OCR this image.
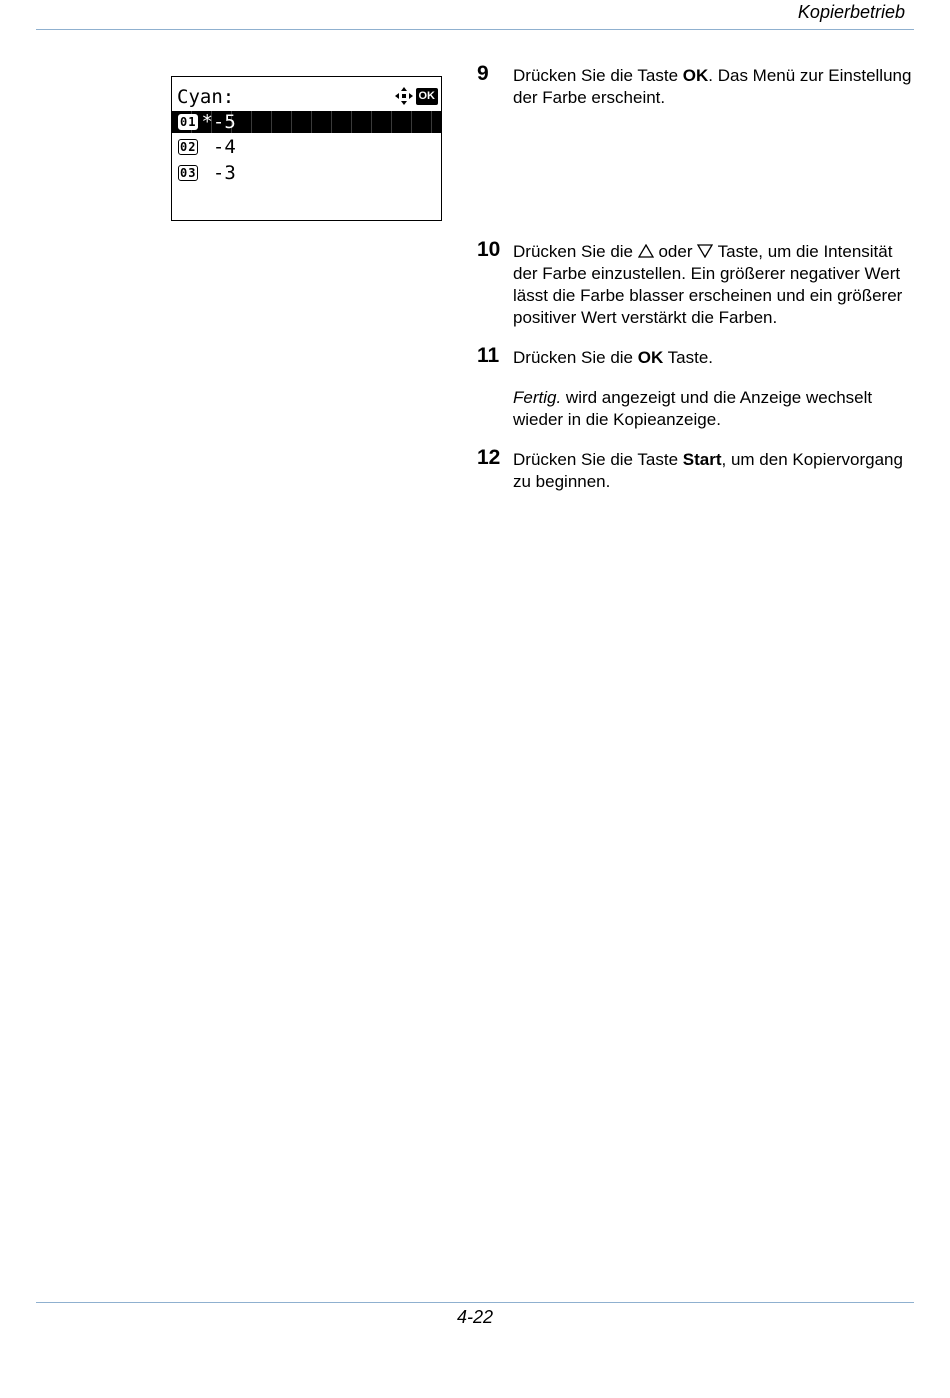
Kopierbetrieb
Cyan:	OK
01 *-5
02 -4
03 -3
9 Drücken Sie die Taste OK. Das Menü zur Einstellung der Farbe erscheint.

10 Drücken Sie die  oder  Taste, um die Intensität der Farbe einzustellen. Ein größerer negativer Wert lässt die Farbe blasser erscheinen und ein größerer positiver Wert verstärkt die Farben.

11 Drücken Sie die OK Taste.

Fertig. wird angezeigt und die Anzeige wechselt wieder in die Kopieanzeige.

12 Drücken Sie die Taste Start, um den Kopiervorgang zu beginnen.

4-22
